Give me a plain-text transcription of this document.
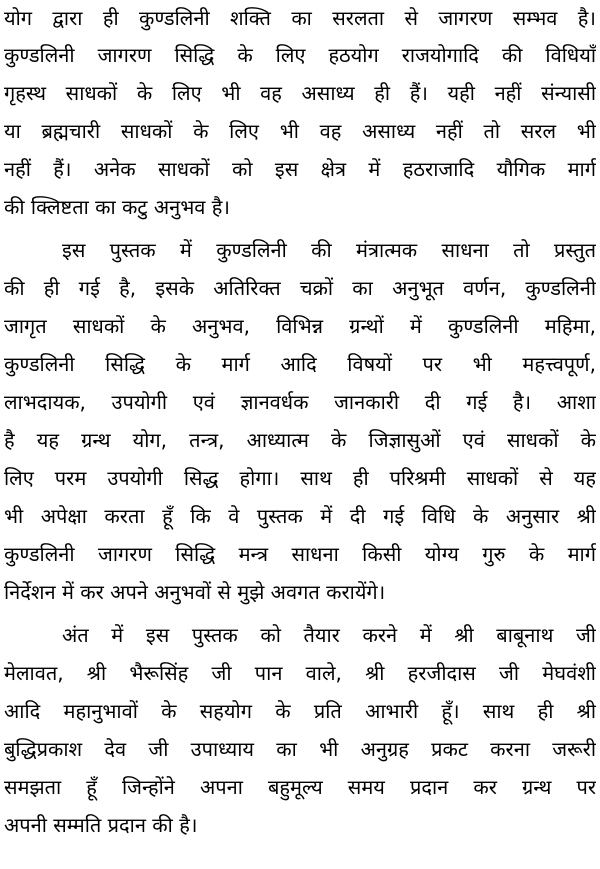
योग द्वारा ही कुण्डलिनी शक्ति का सरलता से जागरण सम्भव है।
कुण्डलिनी जागरण सिद्धि के लिए हठयोग राजयोगादि की विधियाँ
गृहस्थ साधकों के लिए भी वह असाध्य ही हैं। यही नहीं संन्यासी
या ब्रह्मचारी साधकों के लिए भी वह असाध्य नहीं तो सरल भी
नहीं हैं। अनेक साधकों को इस क्षेत्र में हठराजादि यौगिक मार्ग
की क्लिष्टता का कटु अनुभव है।
इस पुस्तक में कुण्डलिनी की मंत्रात्मक साधना तो प्रस्तुत
की ही गई है, इसके अतिरिक्त चक्रों का अनुभूत वर्णन, कुण्डलिनी
जागृत साधकों के अनुभव, विभिन्न ग्रन्थों में कुण्डलिनी महिमा,
कुण्डलिनी सिद्धि के मार्ग आदि विषयों पर भी महत्त्वपूर्ण,
लाभदायक, उपयोगी एवं ज्ञानवर्धक जानकारी दी गई है। आशा
है यह ग्रन्थ योग, तन्त्र, आध्यात्म के जिज्ञासुओं एवं साधकों के
लिए परम उपयोगी सिद्ध होगा। साथ ही परिश्रमी साधकों से यह
भी अपेक्षा करता हूँ कि वे पुस्तक में दी गई विधि के अनुसार श्री
कुण्डलिनी जागरण सिद्धि मन्त्र साधना किसी योग्य गुरु के मार्ग
निर्देशन में कर अपने अनुभवों से मुझे अवगत करायेंगे।
अंत में इस पुस्तक को तैयार करने में श्री बाबूनाथ जी
मेलावत, श्री भैरूसिंह जी पान वाले, श्री हरजीदास जी मेघवंशी
आदि महानुभावों के सहयोग के प्रति आभारी हूँ। साथ ही श्री
बुद्धिप्रकाश देव जी उपाध्याय का भी अनुग्रह प्रकट करना जरूरी
समझता हूँ जिन्होंने अपना बहुमूल्य समय प्रदान कर ग्रन्थ पर
अपनी सम्मति प्रदान की है।
